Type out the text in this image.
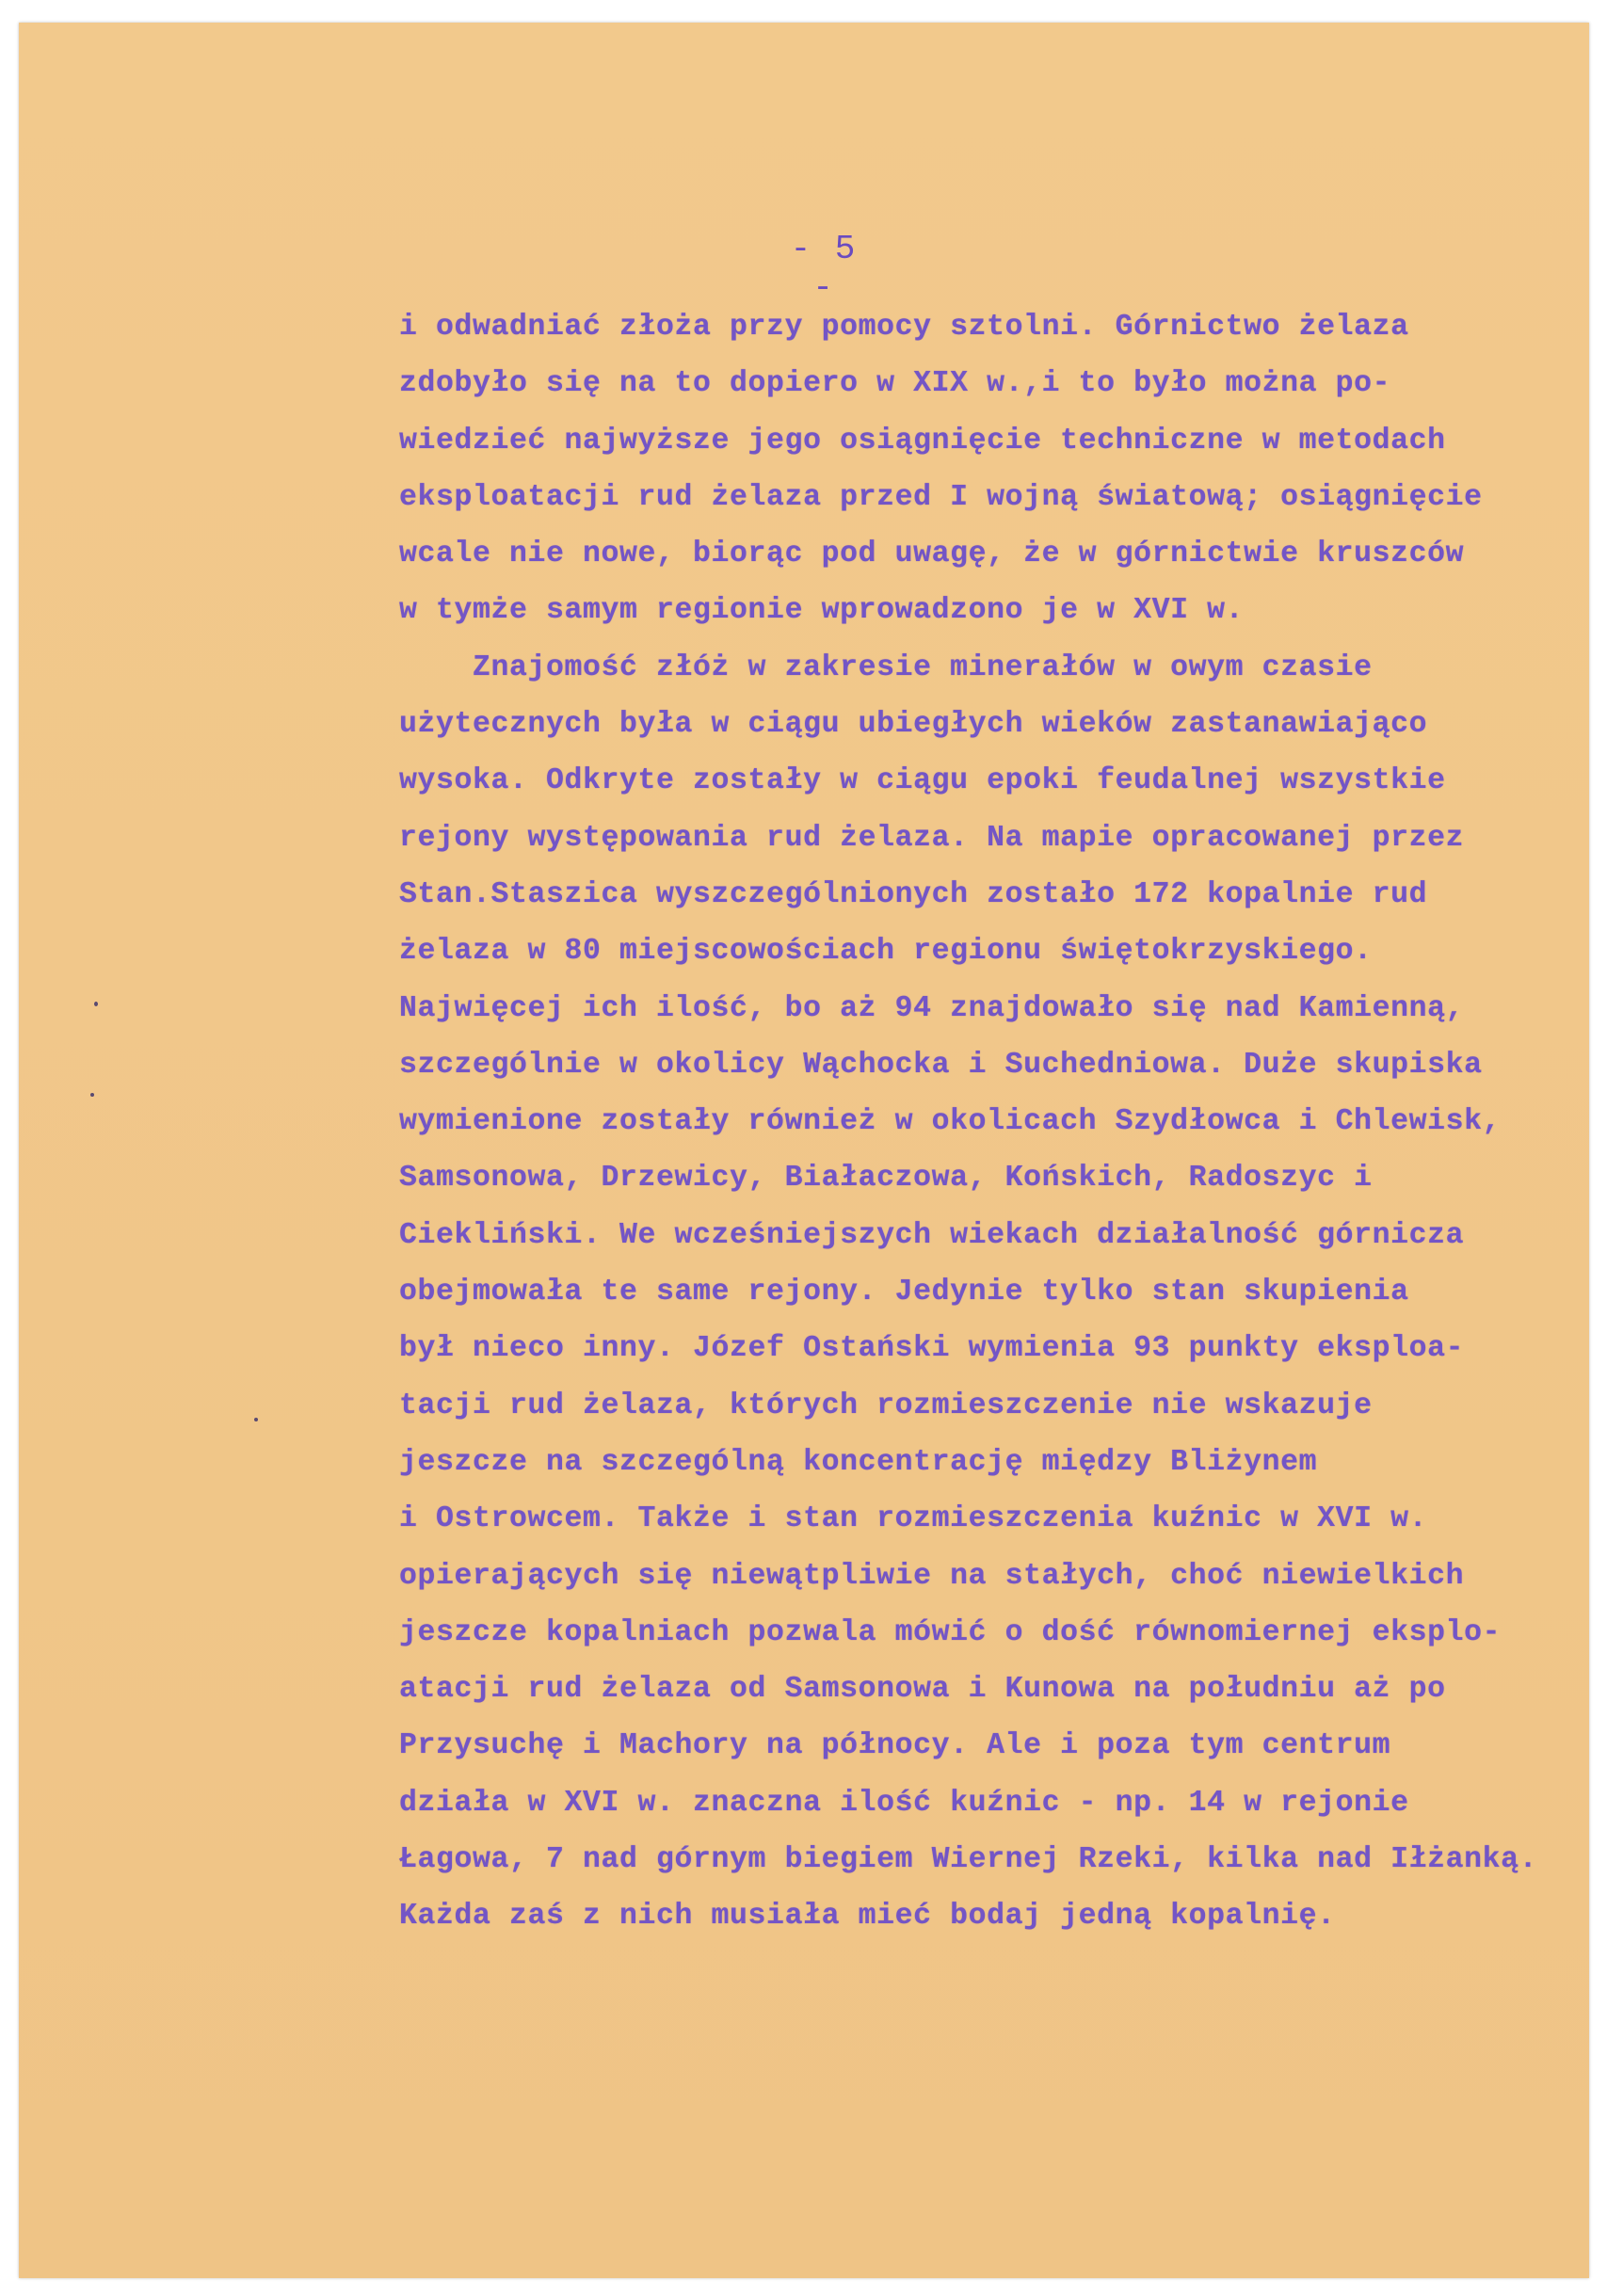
- 5 -
i odwadniać złoża przy pomocy sztolni. Górnictwo żelaza
zdobyło się na to dopiero w XIX w.,i to było można po-
wiedzieć najwyższe jego osiągnięcie techniczne w metodach
eksploatacji rud żelaza przed I wojną światową; osiągnięcie
wcale nie nowe, biorąc pod uwagę, że w górnictwie kruszców
w tymże samym regionie wprowadzono je w XVI w.
Znajomość złóż w zakresie minerałów w owym czasie
użytecznych była w ciągu ubiegłych wieków zastanawiająco
wysoka. Odkryte zostały w ciągu epoki feudalnej wszystkie
rejony występowania rud żelaza. Na mapie opracowanej przez
Stan.Staszica wyszczególnionych zostało 172 kopalnie rud
żelaza w 80 miejscowościach regionu świętokrzyskiego.
Najwięcej ich ilość, bo aż 94 znajdowało się nad Kamienną,
szczególnie w okolicy Wąchocka i Suchedniowa. Duże skupiska
wymienione zostały również w okolicach Szydłowca i Chlewisk,
Samsonowa, Drzewicy, Białaczowa, Końskich, Radoszyc i
Ciekliński. We wcześniejszych wiekach działalność górnicza
obejmowała te same rejony. Jedynie tylko stan skupienia
był nieco inny. Józef Ostański wymienia 93 punkty eksploa-
tacji rud żelaza, których rozmieszczenie nie wskazuje
jeszcze na szczególną koncentrację między Bliżynem
i Ostrowcem. Także i stan rozmieszczenia kuźnic w XVI w.
opierających się niewątpliwie na stałych, choć niewielkich
jeszcze kopalniach pozwala mówić o dość równomiernej eksplo-
atacji rud żelaza od Samsonowa i Kunowa na południu aż po
Przysuchę i Machory na północy. Ale i poza tym centrum
działa w XVI w. znaczna ilość kuźnic - np. 14 w rejonie
Łagowa, 7 nad górnym biegiem Wiernej Rzeki, kilka nad Iłżanką.
Każda zaś z nich musiała mieć bodaj jedną kopalnię.
